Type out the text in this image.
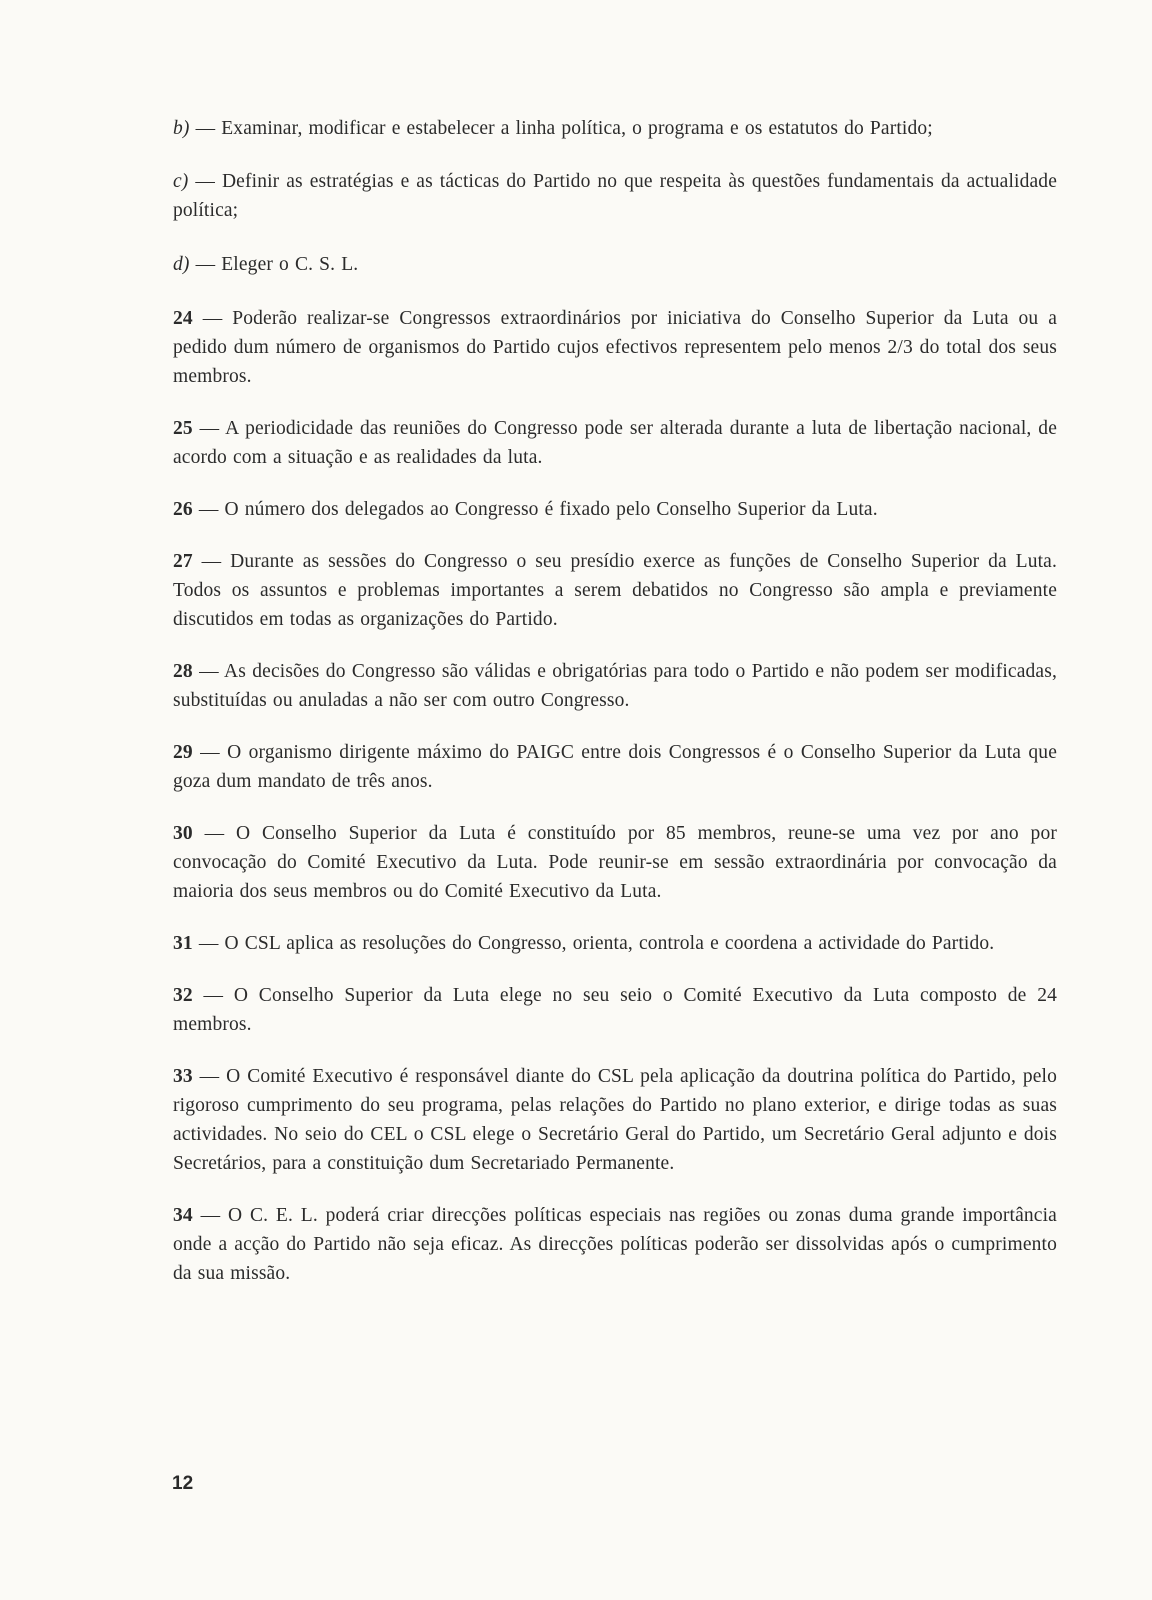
b) — Examinar, modificar e estabelecer a linha política, o programa e os estatutos do Partido;

c) — Definir as estratégias e as tácticas do Partido no que respeita às questões fundamentais da actualidade política;

d) — Eleger o C. S. L.

24 — Poderão realizar-se Congressos extraordinários por iniciativa do Conselho Superior da Luta ou a pedido dum número de organismos do Partido cujos efectivos representem pelo menos 2/3 do total dos seus membros.

25 — A periodicidade das reuniões do Congresso pode ser alterada durante a luta de libertação nacional, de acordo com a situação e as realidades da luta.

26 — O número dos delegados ao Congresso é fixado pelo Conselho Superior da Luta.

27 — Durante as sessões do Congresso o seu presídio exerce as funções de Conselho Superior da Luta. Todos os assuntos e problemas importantes a serem debatidos no Congresso são ampla e previamente discutidos em todas as organizações do Partido.

28 — As decisões do Congresso são válidas e obrigatórias para todo o Partido e não podem ser modificadas, substituídas ou anuladas a não ser com outro Congresso.

29 — O organismo dirigente máximo do PAIGC entre dois Congressos é o Conselho Superior da Luta que goza dum mandato de três anos.

30 — O Conselho Superior da Luta é constituído por 85 membros, reune-se uma vez por ano por convocação do Comité Executivo da Luta. Pode reunir-se em sessão extraordinária por convocação da maioria dos seus membros ou do Comité Executivo da Luta.

31 — O CSL aplica as resoluções do Congresso, orienta, controla e coordena a actividade do Partido.

32 — O Conselho Superior da Luta elege no seu seio o Comité Executivo da Luta composto de 24 membros.

33 — O Comité Executivo é responsável diante do CSL pela aplicação da doutrina política do Partido, pelo rigoroso cumprimento do seu programa, pelas relações do Partido no plano exterior, e dirige todas as suas actividades. No seio do CEL o CSL elege o Secretário Geral do Partido, um Secretário Geral adjunto e dois Secretários, para a constituição dum Secretariado Permanente.

34 — O C. E. L. poderá criar direcções políticas especiais nas regiões ou zonas duma grande importância onde a acção do Partido não seja eficaz. As direcções políticas poderão ser dissolvidas após o cumprimento da sua missão.

12
